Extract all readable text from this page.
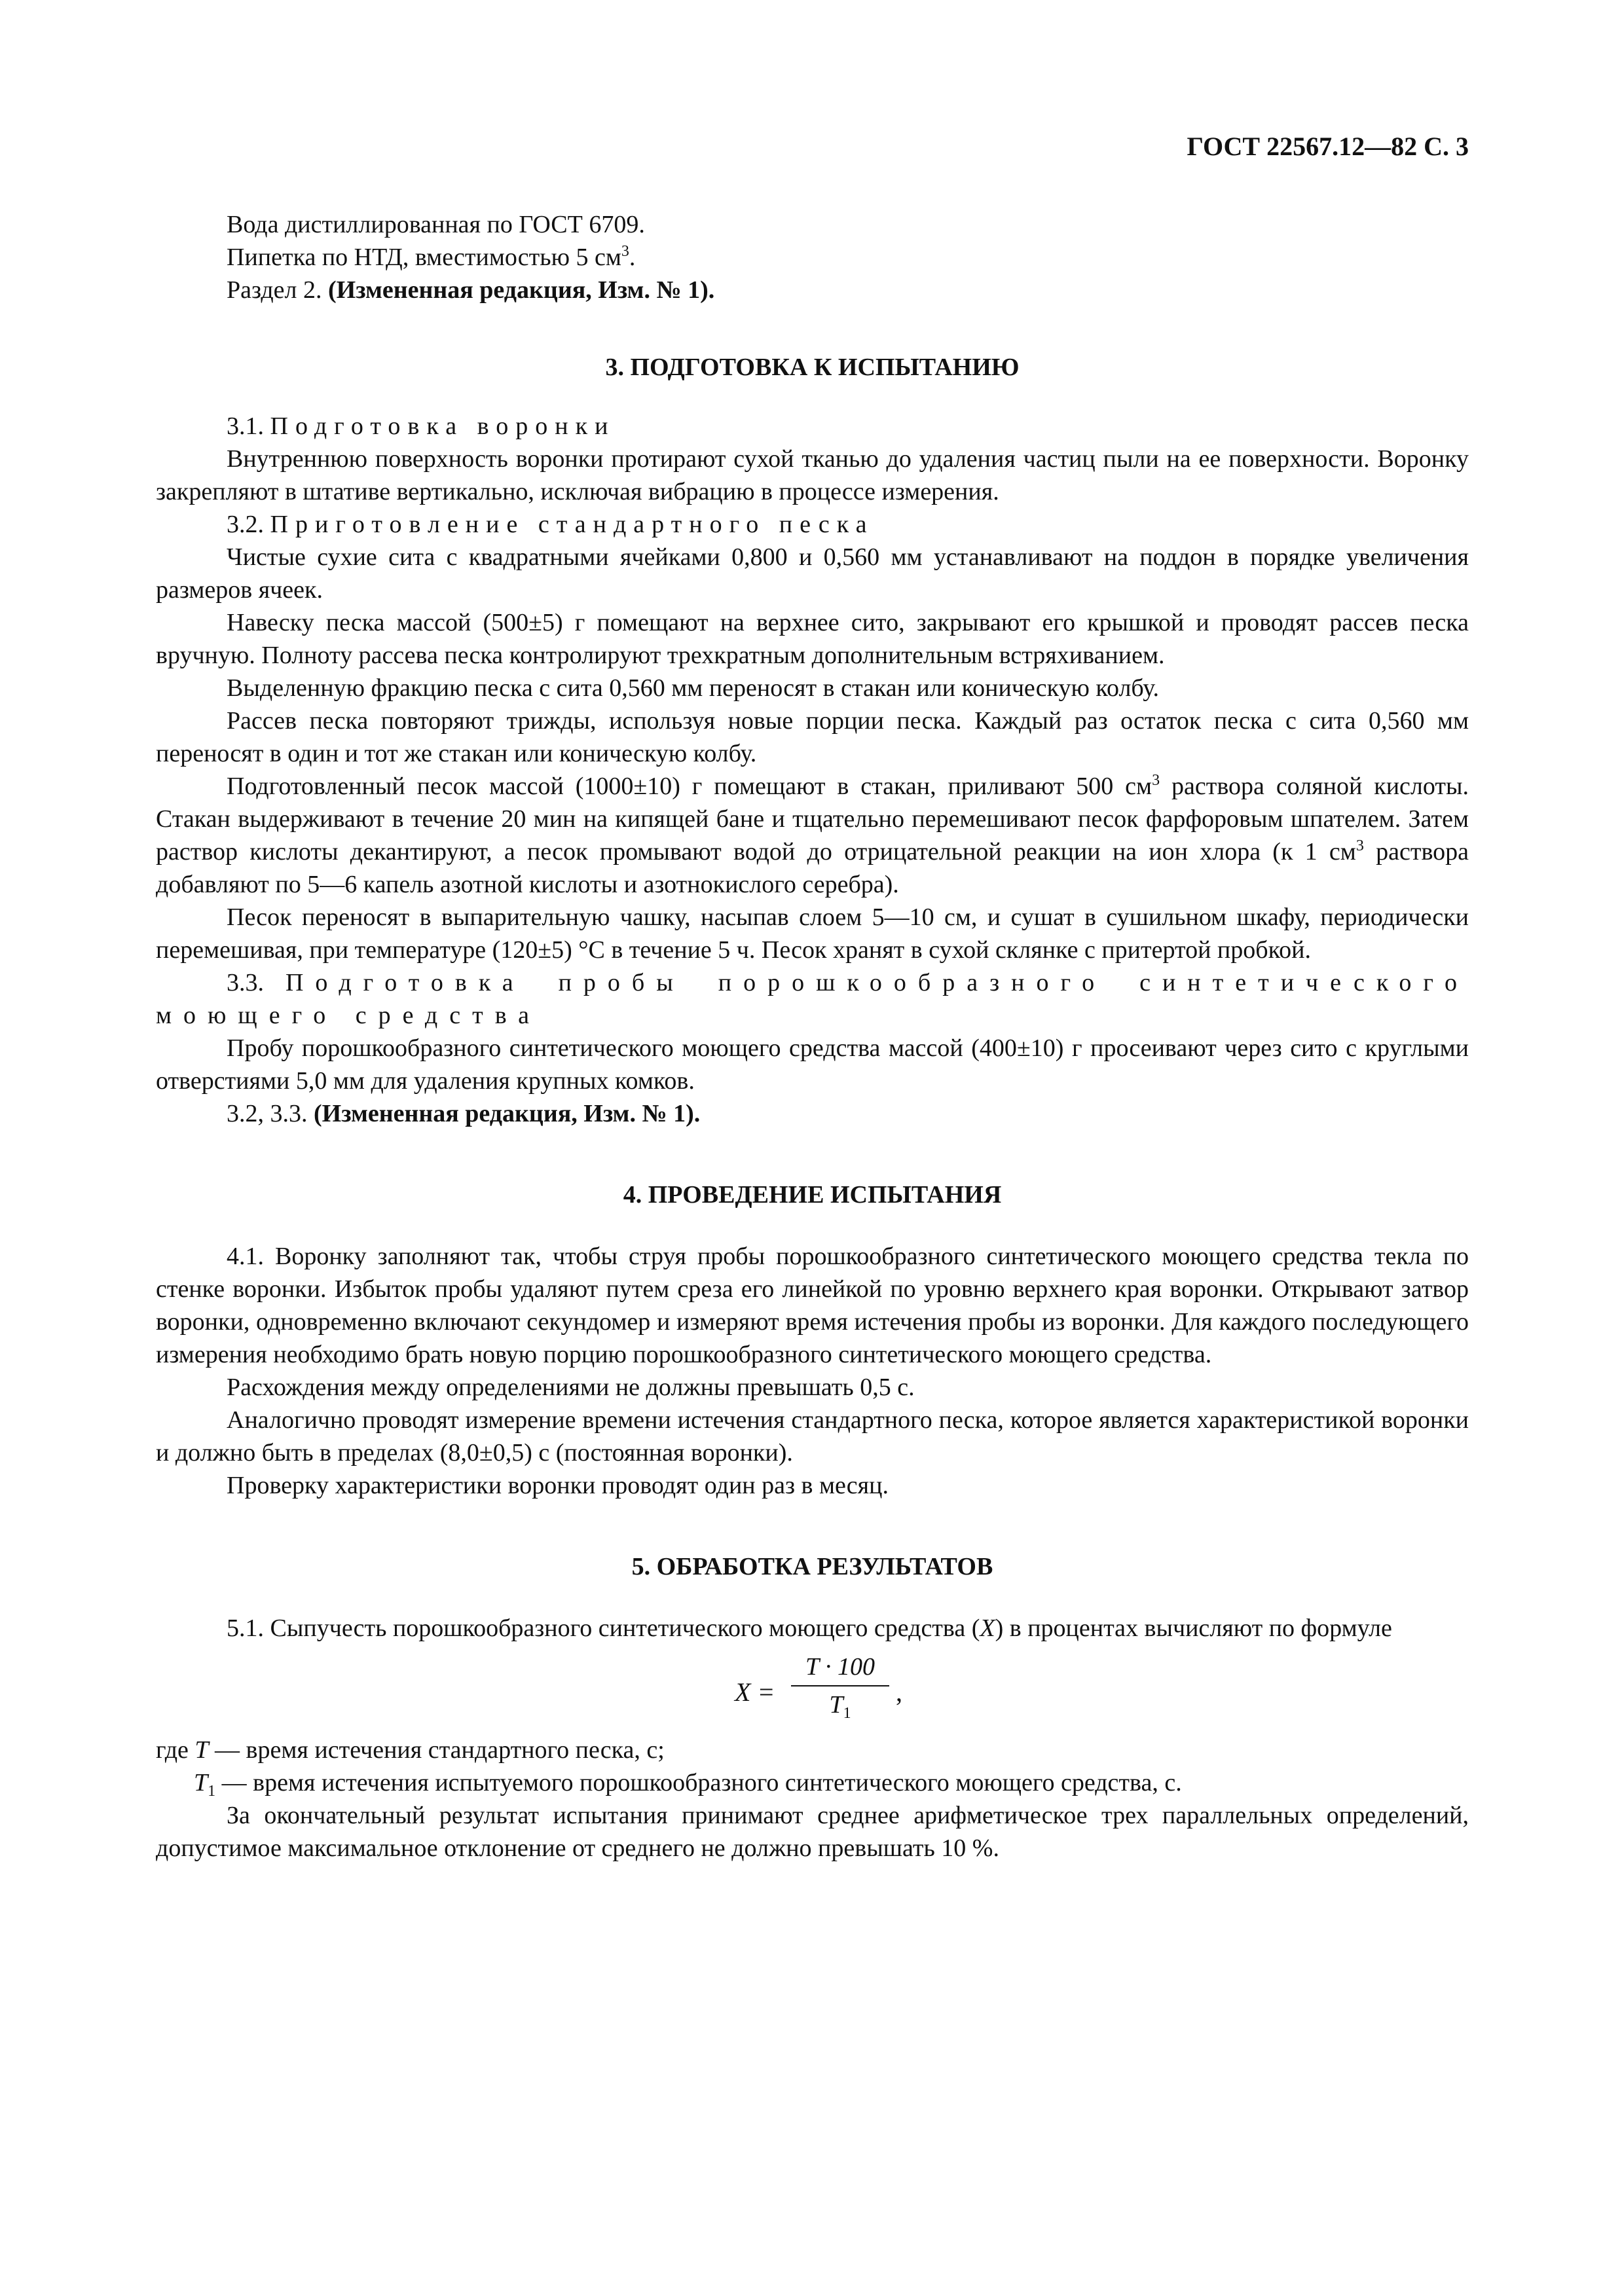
ГОСТ 22567.12—82 С. 3

Вода дистиллированная по ГОСТ 6709.

Пипетка по НТД, вместимостью 5 $см^3$.

Раздел 2. (Измененная редакция, Изм. № 1).

3. ПОДГОТОВКА К ИСПЫТАНИЮ

3.1. Подготовка воронки

Внутреннюю поверхность воронки протирают сухой тканью до удаления частиц пыли на ее поверхности. Воронку закрепляют в штативе вертикально, исключая вибрацию в процессе измерения.

3.2. Приготовление стандартного песка

Чистые сухие сита с квадратными ячейками 0,800 и 0,560 мм устанавливают на поддон в порядке увеличения размеров ячеек.

Навеску песка массой (500±5) г помещают на верхнее сито, закрывают его крышкой и проводят рассев песка вручную. Полноту рассева песка контролируют трехкратным дополнительным встряхиванием.

Выделенную фракцию песка с сита 0,560 мм переносят в стакан или коническую колбу.

Рассев песка повторяют трижды, используя новые порции песка. Каждый раз остаток песка с сита 0,560 мм переносят в один и тот же стакан или коническую колбу.

Подготовленный песок массой (1000±10) г помещают в стакан, приливают 500 $см^3$ раствора соляной кислоты. Стакан выдерживают в течение 20 мин на кипящей бане и тщательно перемешивают песок фарфоровым шпателем. Затем раствор кислоты декантируют, а песок промывают водой до отрицательной реакции на ион хлора (к 1 $см^3$ раствора добавляют по 5—6 капель азотной кислоты и азотнокислого серебра).

Песок переносят в выпарительную чашку, насыпав слоем 5—10 см, и сушат в сушильном шкафу, периодически перемешивая, при температуре (120±5) °С в течение 5 ч. Песок хранят в сухой склянке с притертой пробкой.

3.3. Подготовка пробы порошкообразного синтетического моющего средства

Пробу порошкообразного синтетического моющего средства массой (400±10) г просеивают через сито с круглыми отверстиями 5,0 мм для удаления крупных комков.

3.2, 3.3. (Измененная редакция, Изм. № 1).

4. ПРОВЕДЕНИЕ ИСПЫТАНИЯ

4.1. Воронку заполняют так, чтобы струя пробы порошкообразного синтетического моющего средства текла по стенке воронки. Избыток пробы удаляют путем среза его линейкой по уровню верхнего края воронки. Открывают затвор воронки, одновременно включают секундомер и измеряют время истечения пробы из воронки. Для каждого последующего измерения необходимо брать новую порцию порошкообразного синтетического моющего средства.

Расхождения между определениями не должны превышать 0,5 с.

Аналогично проводят измерение времени истечения стандартного песка, которое является характеристикой воронки и должно быть в пределах (8,0±0,5) с (постоянная воронки).

Проверку характеристики воронки проводят один раз в месяц.

5. ОБРАБОТКА РЕЗУЛЬТАТОВ

5.1. Сыпучесть порошкообразного синтетического моющего средства (X) в процентах вычисляют по формуле

X =
T · 100
$T_1$
,

где T — время истечения стандартного песка, с;

$T_1$ — время истечения испытуемого порошкообразного синтетического моющего средства, с.

За окончательный результат испытания принимают среднее арифметическое трех параллельных определений, допустимое максимальное отклонение от среднего не должно превышать 10 %.
